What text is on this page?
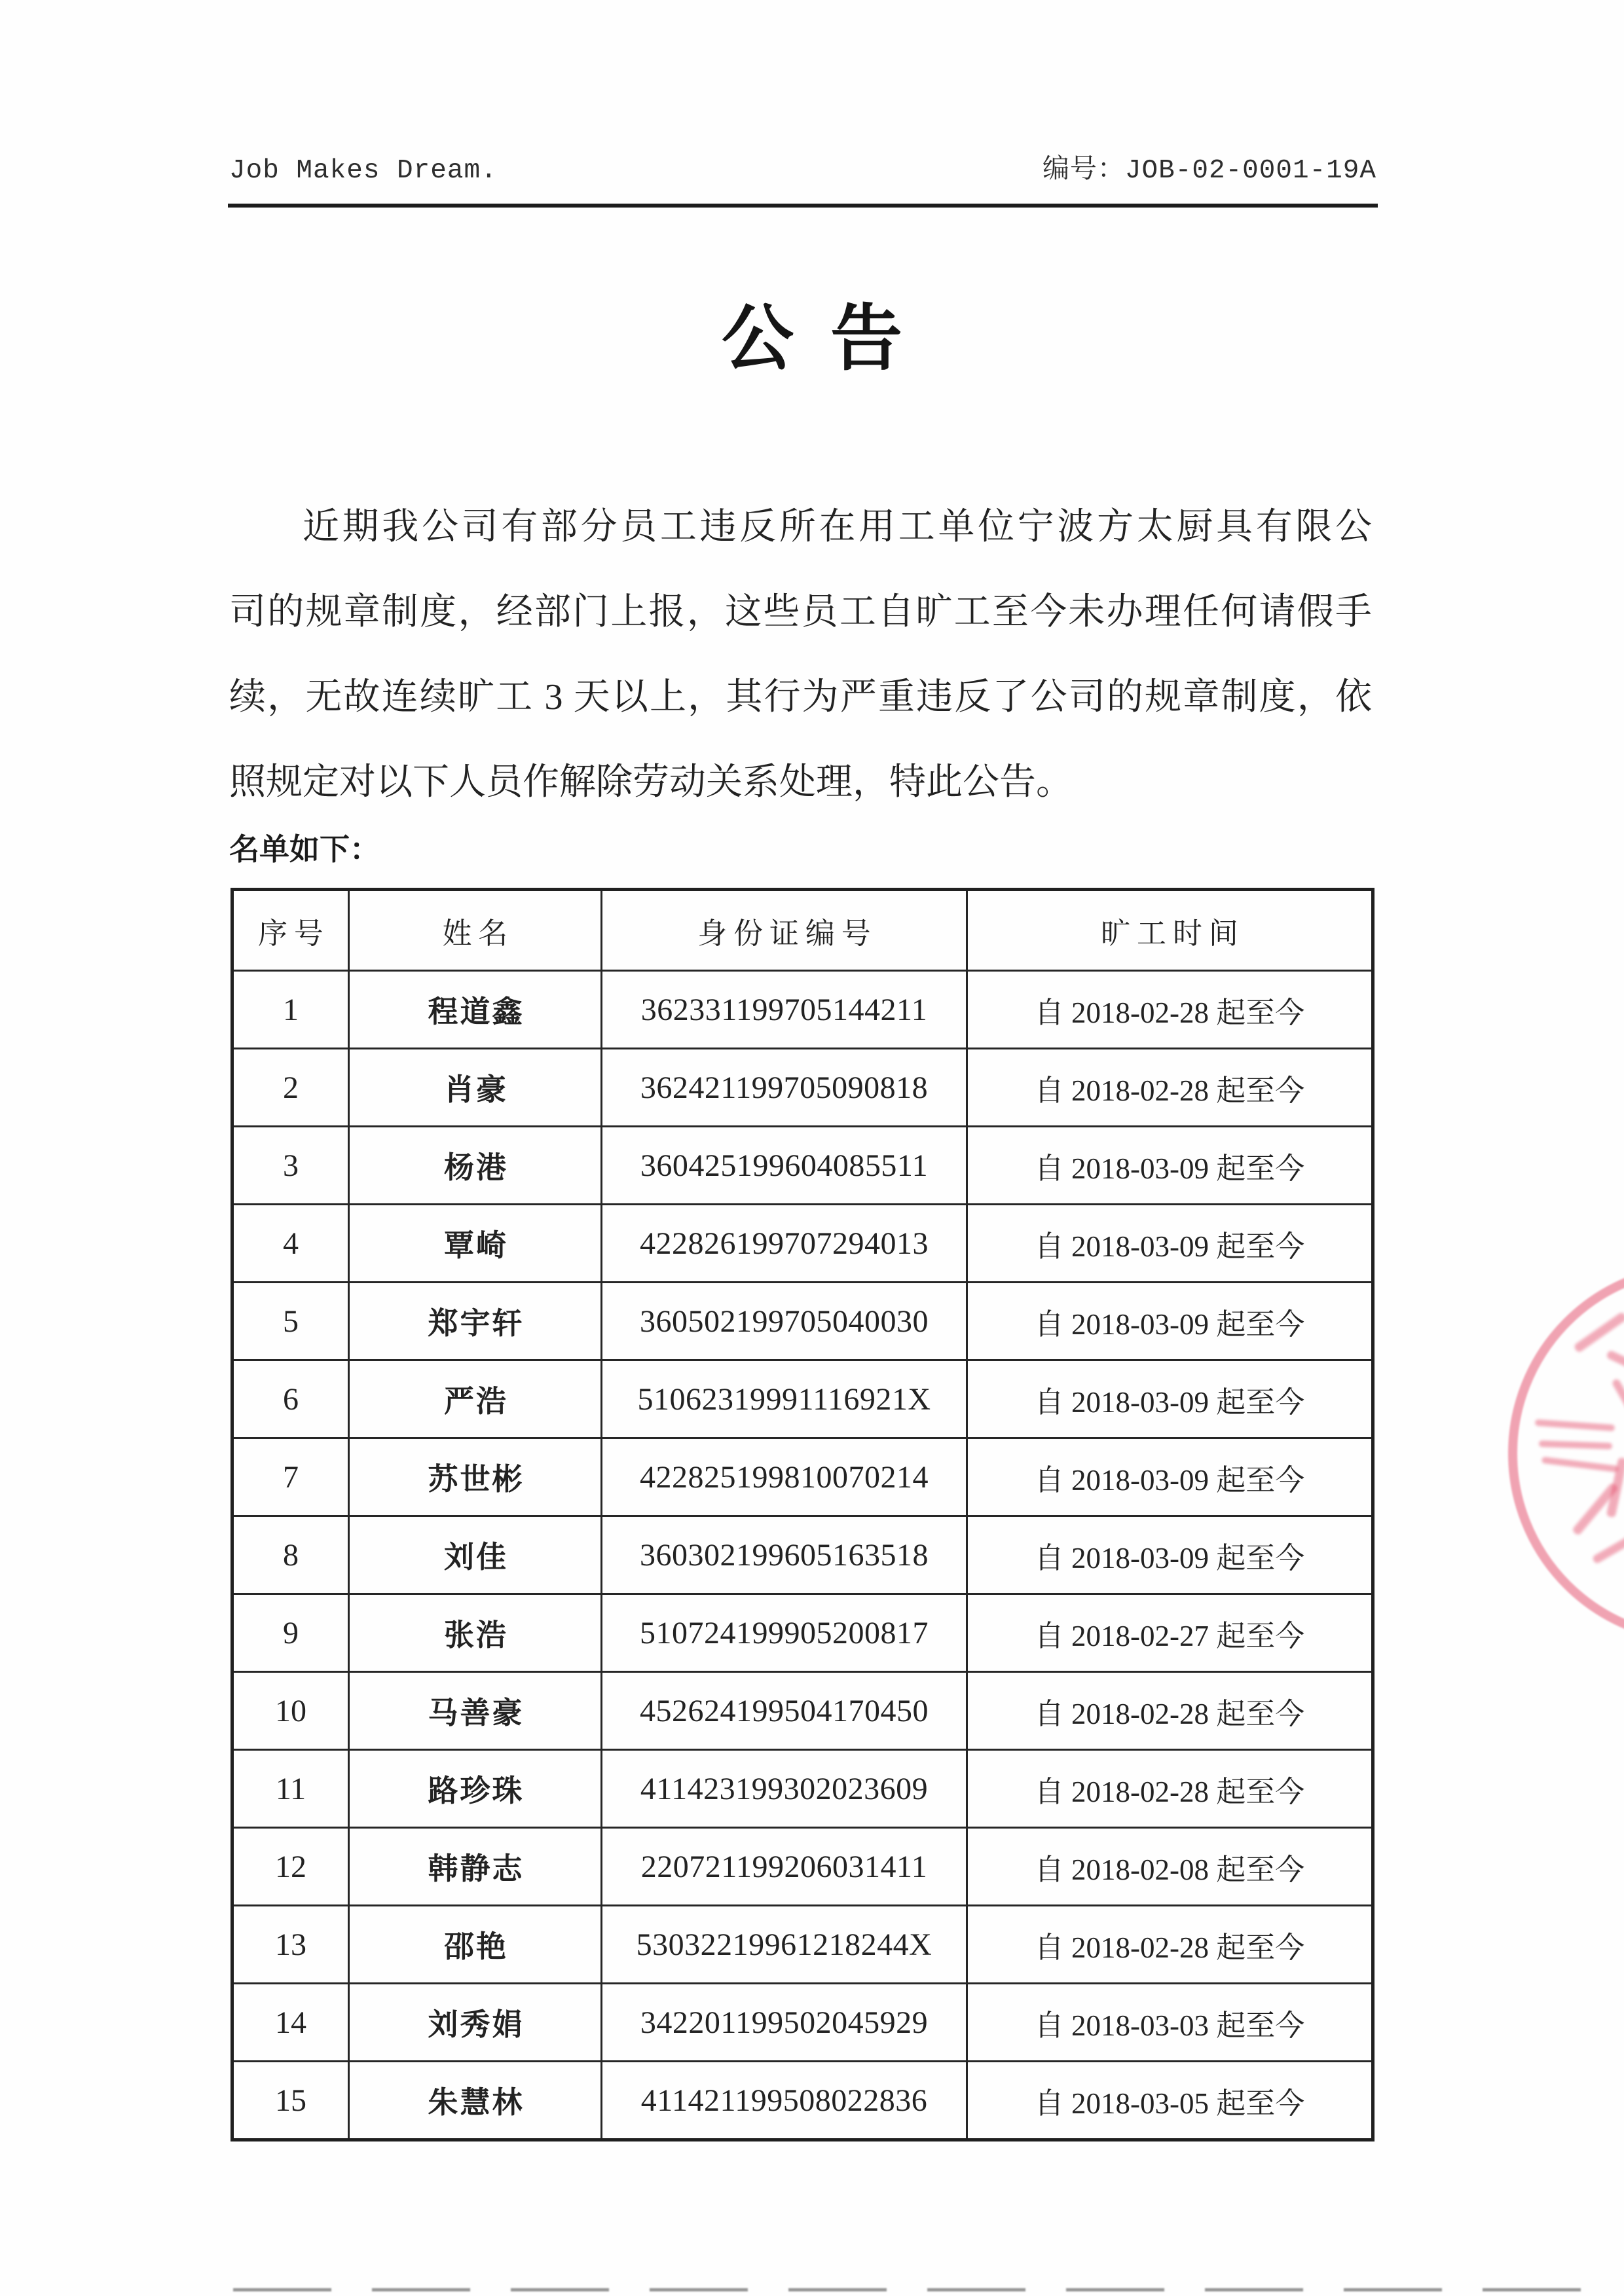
Job Makes Dream.	编号：JOB-02-0001-19A
公 告
近期我公司有部分员工违反所在用工单位宁波方太厨具有限公
司的规章制度，经部门上报，这些员工自旷工至今未办理任何请假手
续，无故连续旷工 3 天以上，其行为严重违反了公司的规章制度，依
照规定对以下人员作解除劳动关系处理，特此公告。
名单如下：
序号	姓名	身份证编号	旷工时间
1	程道鑫	362331199705144211	自 2018-02-28 起至今
2	肖豪	362421199705090818	自 2018-02-28 起至今
3	杨港	360425199604085511	自 2018-03-09 起至今
4	覃崎	422826199707294013	自 2018-03-09 起至今
5	郑宇轩	360502199705040030	自 2018-03-09 起至今
6	严浩	51062319991116921X	自 2018-03-09 起至今
7	苏世彬	422825199810070214	自 2018-03-09 起至今
8	刘佳	360302199605163518	自 2018-03-09 起至今
9	张浩	510724199905200817	自 2018-02-27 起至今
10	马善豪	452624199504170450	自 2018-02-28 起至今
11	路珍珠	411423199302023609	自 2018-02-28 起至今
12	韩静志	220721199206031411	自 2018-02-08 起至今
13	邵艳	53032219961218244X	自 2018-02-28 起至今
14	刘秀娟	342201199502045929	自 2018-03-03 起至今
15	朱慧林	411421199508022836	自 2018-03-05 起至今
